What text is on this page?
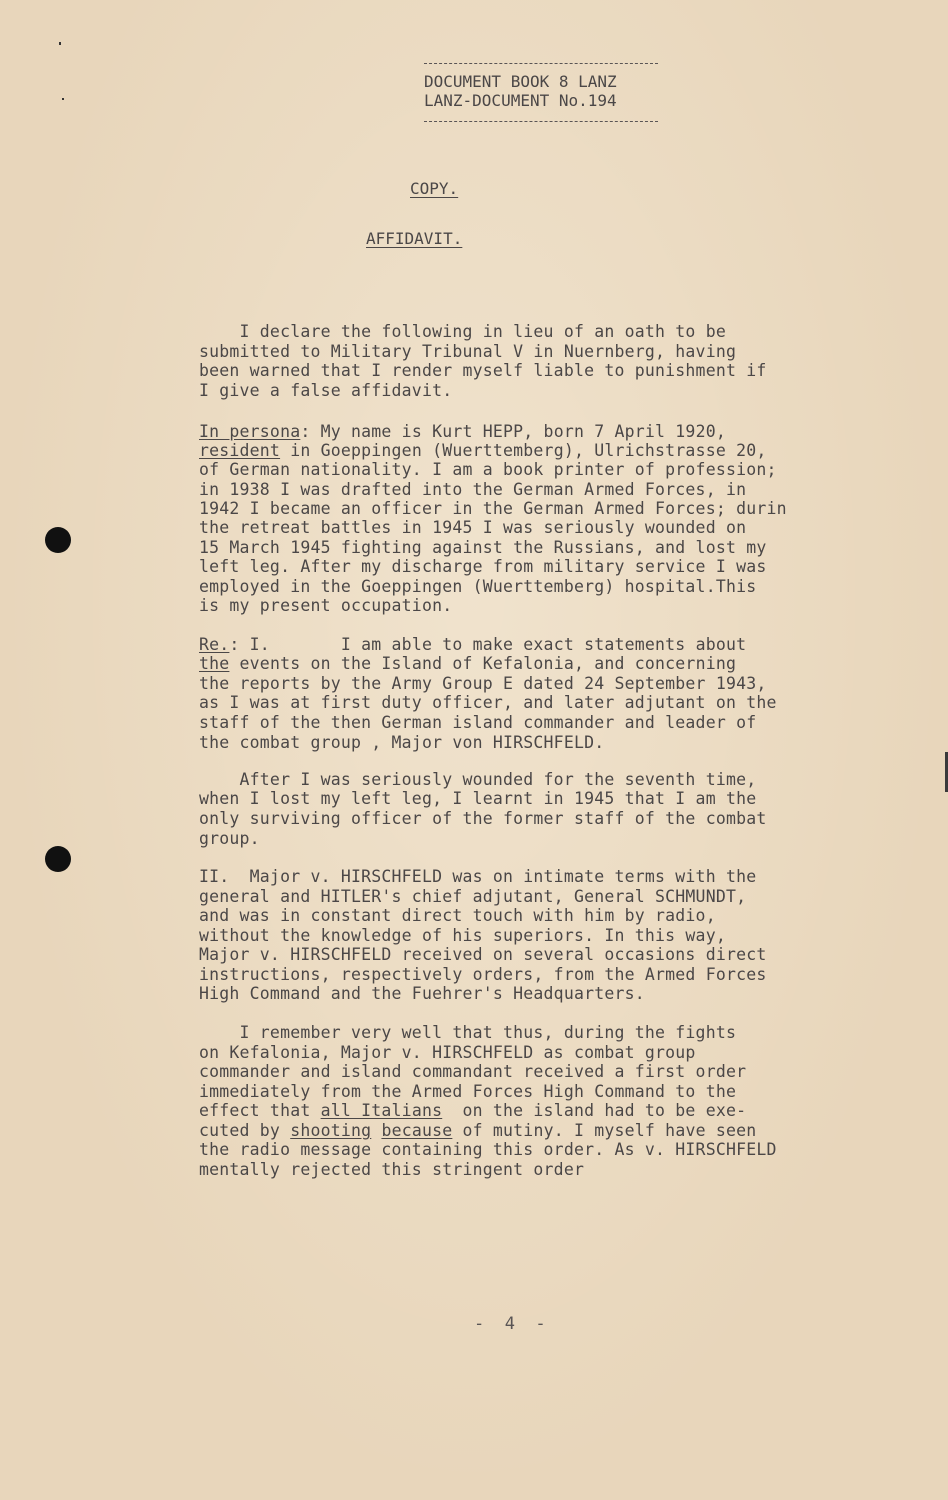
DOCUMENT BOOK 8 LANZ
LANZ-DOCUMENT No.194
COPY.
AFFIDAVIT.
I declare the following in lieu of an oath to be
submitted to Military Tribunal V in Nuernberg, having
been warned that I render myself liable to punishment if
I give a false affidavit.
In persona: My name is Kurt HEPP, born 7 April 1920,
resident in Goeppingen (Wuerttemberg), Ulrichstrasse 20,
of German nationality. I am a book printer of profession;
in 1938 I was drafted into the German Armed Forces, in
1942 I became an officer in the German Armed Forces; durin
the retreat battles in 1945 I was seriously wounded on
15 March 1945 fighting against the Russians, and lost my
left leg. After my discharge from military service I was
employed in the Goeppingen (Wuerttemberg) hospital.This
is my present occupation.
Re.: I.       I am able to make exact statements about
the events on the Island of Kefalonia, and concerning
the reports by the Army Group E dated 24 September 1943,
as I was at first duty officer, and later adjutant on the
staff of the then German island commander and leader of
the combat group , Major von HIRSCHFELD.
After I was seriously wounded for the seventh time,
when I lost my left leg, I learnt in 1945 that I am the
only surviving officer of the former staff of the combat
group.
II.  Major v. HIRSCHFELD was on intimate terms with the
general and HITLER's chief adjutant, General SCHMUNDT,
and was in constant direct touch with him by radio,
without the knowledge of his superiors. In this way,
Major v. HIRSCHFELD received on several occasions direct
instructions, respectively orders, from the Armed Forces
High Command and the Fuehrer's Headquarters.
I remember very well that thus, during the fights
on Kefalonia, Major v. HIRSCHFELD as combat group
commander and island commandant received a first order
immediately from the Armed Forces High Command to the
effect that all Italians  on the island had to be exe-
cuted by shooting because of mutiny. I myself have seen
the radio message containing this order. As v. HIRSCHFELD
mentally rejected this stringent order
-  4  -
